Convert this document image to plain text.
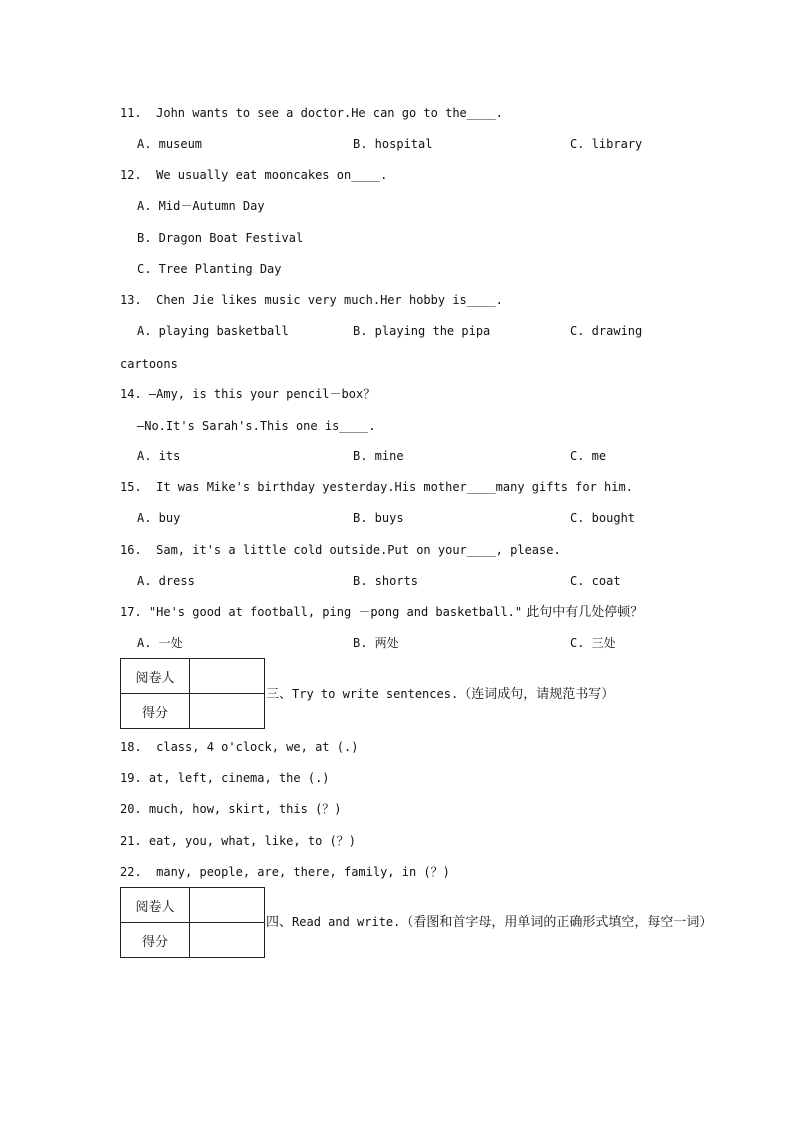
11.  John wants to see a doctor.He can go to the____.
A. museum	B. hospital	C. library
12.  We usually eat mooncakes on____.
A. Mid－Autumn Day
B. Dragon Boat Festival
C. Tree Planting Day
13.  Chen Jie likes music very much.Her hobby is____.
A. playing basketball	B. playing the pipa	C. drawing
cartoons
14. —Amy, is this your pencil－box？
—No.It's Sarah's.This one is____.
A. its	B. mine	C. me
15.  It was Mike's birthday yesterday.His mother____many gifts for him.
A. buy	B. buys	C. bought
16.  Sam, it's a little cold outside.Put on your____, please.
A. dress	B. shorts	C. coat
17. "He's good at football, ping －pong and basketball." 此句中有几处停顿？
A. 一处	B. 两处	C. 三处
阅卷人	
得分	
三、Try to write sentences.（连词成句，请规范书写）
18.  class, 4 o'clock, we, at (.)
19. at, left, cinema, the (.)
20. much, how, skirt, this (？)
21. eat, you, what, like, to (？)
22.  many, people, are, there, family, in (？)
阅卷人	
得分	
四、Read and write.（看图和首字母，用单词的正确形式填空，每空一词）
